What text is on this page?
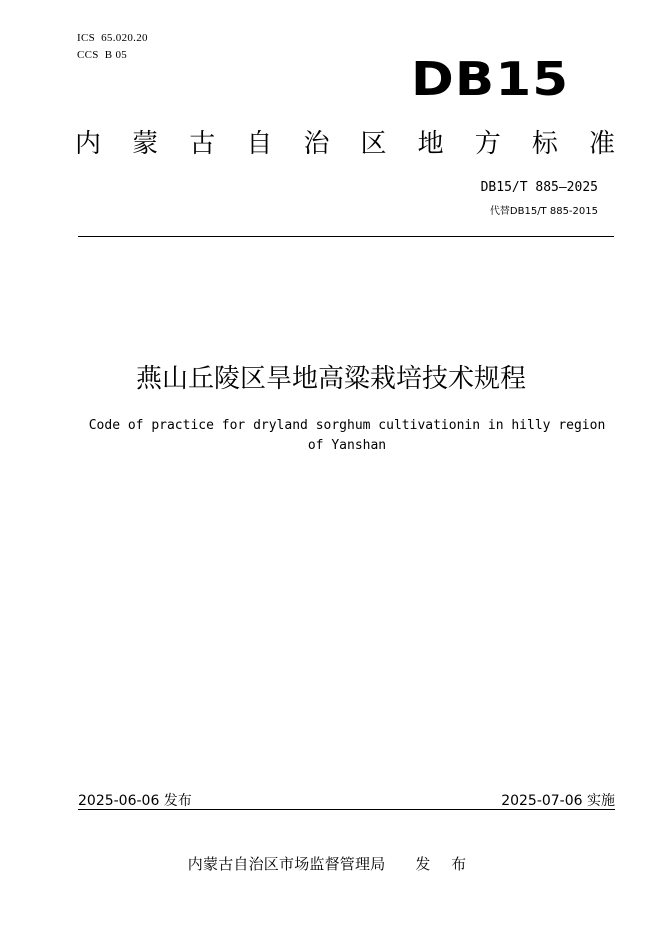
ICS  65.020.20
CCS  B 05	DB15
内 蒙 古 自 治 区 地 方 标 准
DB15/T 885—2025
代替DB15/T 885-2015
燕山丘陵区旱地高粱栽培技术规程
Code of practice for dryland sorghum cultivationin in hilly region
of Yanshan
2025-06-06 发布	2025-07-06 实施
内蒙古自治区市场监督管理局 发 布
